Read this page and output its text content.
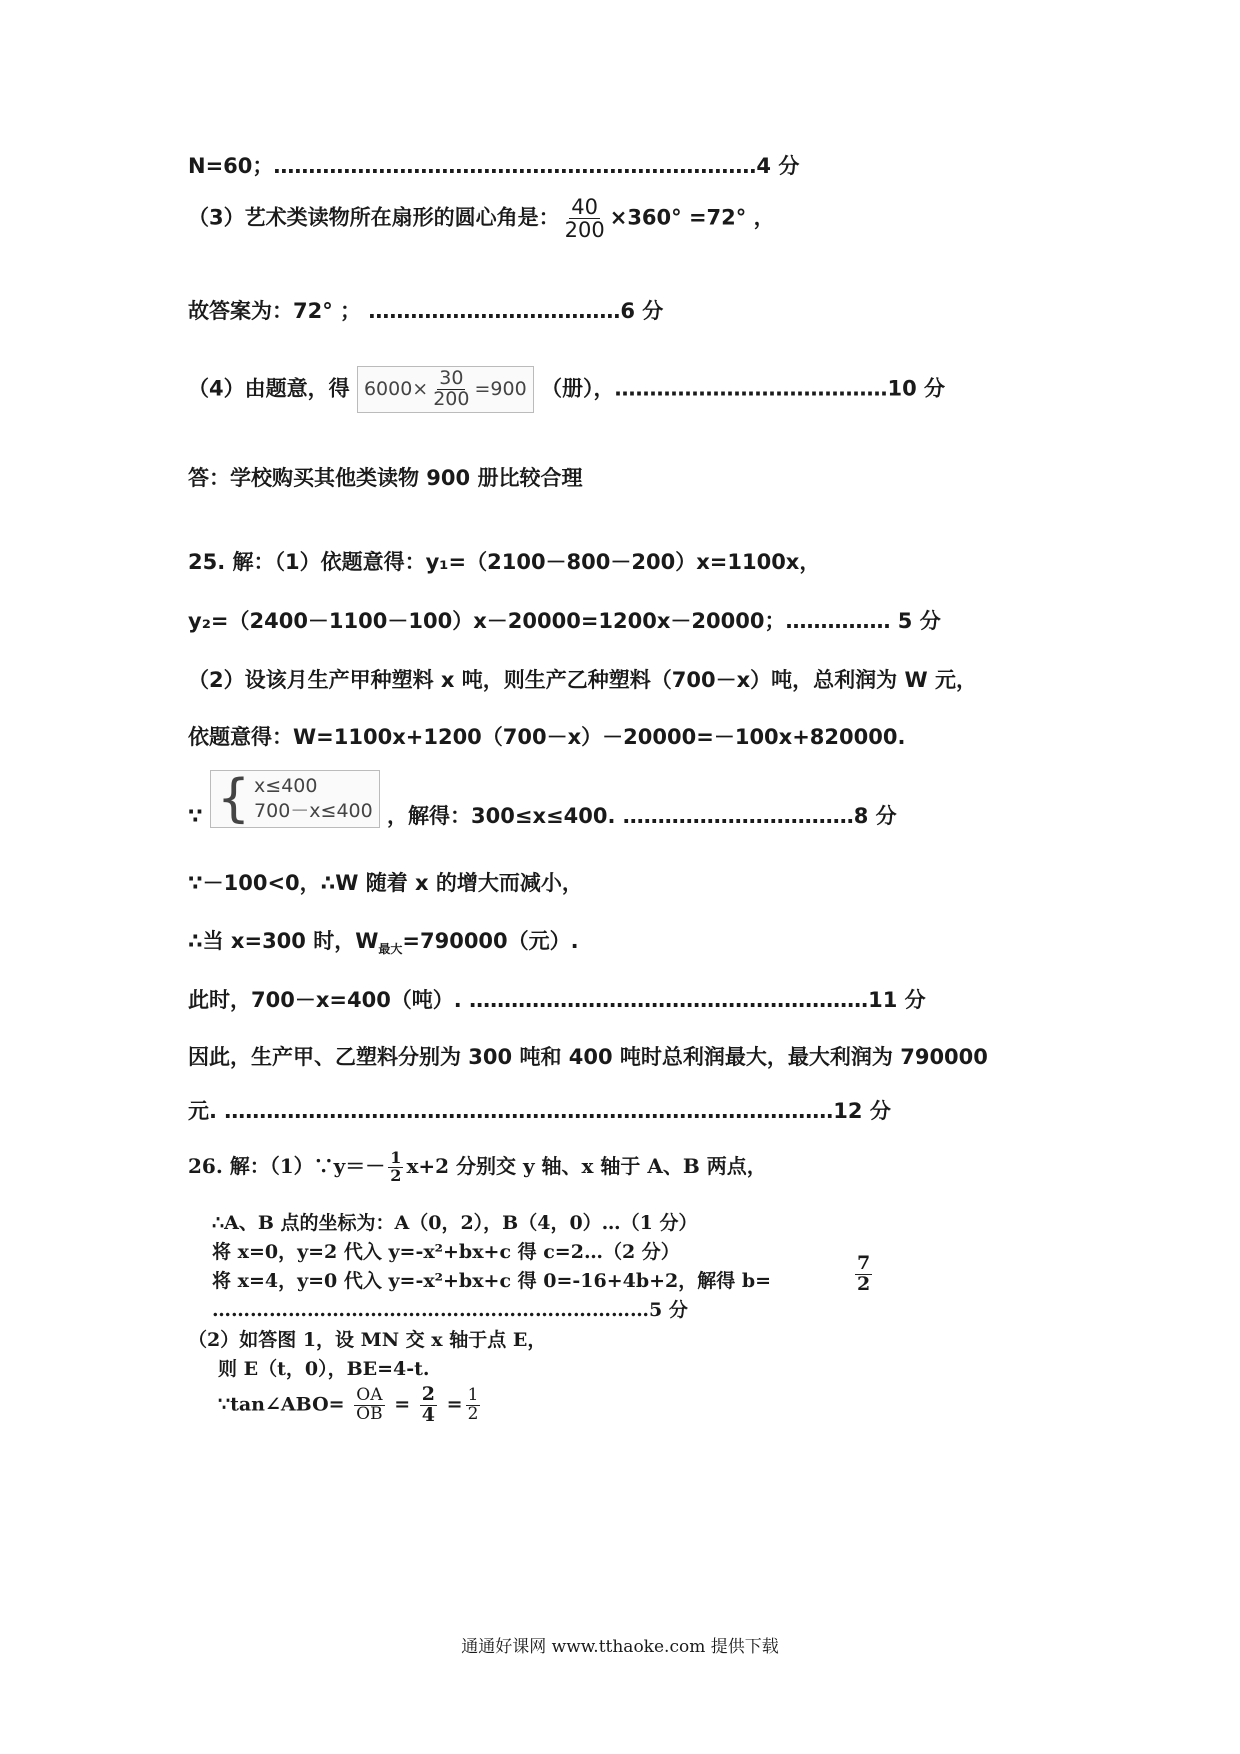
N=60；……………………………………………………………4 分
（3）艺术类读物所在扇形的圆心角是： $\frac{40}{200} \times 360^\circ =72^\circ$ ，
故答案为：72° ； ………………………………6 分
（4）由题意，得 $6000\times \frac{30}{200} =900$ （册），…………………………………10 分
答：学校购买其他类读物 900 册比较合理
25. 解：（1）依题意得：y₁=（2100－800－200）x=1100x，
y₂=（2400－1100－100）x－20000=1200x－20000；…………… 5 分
（2）设该月生产甲种塑料 x 吨，则生产乙种塑料（700－x）吨，总利润为 W 元，
依题意得：W=1100x+1200（700－x）－20000=－100x+820000.
∵ { x≤400
700－x≤400 ，解得：300≤x≤400. ……………………………8 分
∵－100<0，∴W 随着 x 的增大而减小，
∴当 x=300 时，$W_{最大}=790000$（元）.
此时，700－x=400（吨）. …………………………………………………11 分
因此，生产甲、乙塑料分别为 300 吨和 400 吨时总利润最大，最大利润为 790000
元. ……………………………………………………………………………12 分
26. 解：（1）∵y＝－ $\frac{1}{2} x+2$ 分别交 y 轴、x 轴于 A、B 两点，
∴A、B 点的坐标为：A（0，2），B（4，0）…（1 分）
将 x=0，y=2 代入 y=-x²+bx+c 得 c=2…（2 分）
将 x=4，y=0 代入 y=-x²+bx+c 得 0=-16+4b+2，解得 b=	$\frac{7}{2}$
……………………………………………………………5 分
（2）如答图 1，设 MN 交 x 轴于点 E，
则 E（t，0），BE=4-t.
∵tan∠ABO= $\frac{OA}{OB} = \frac{2}{4} = \frac{1}{2}$
通通好课网 www.tthaoke.com 提供下载
